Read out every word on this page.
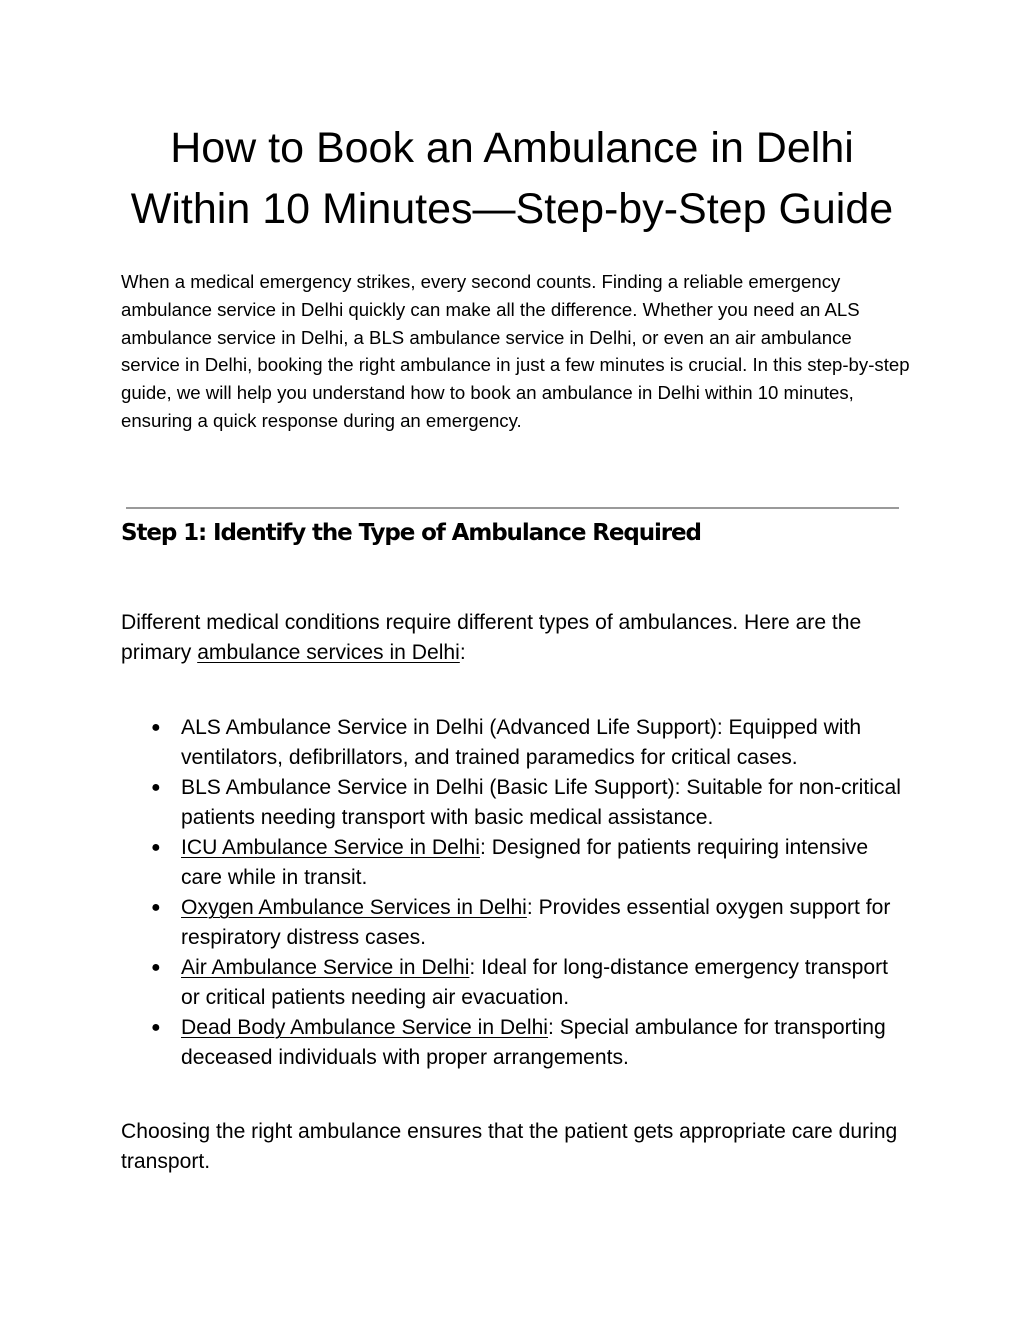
How to Book an Ambulance in Delhi
Within 10 Minutes—Step-by-Step Guide

When a medical emergency strikes, every second counts. Finding a reliable emergency ambulance service in Delhi quickly can make all the difference. Whether you need an ALS ambulance service in Delhi, a BLS ambulance service in Delhi, or even an air ambulance service in Delhi, booking the right ambulance in just a few minutes is crucial. In this step-by-step guide, we will help you understand how to book an ambulance in Delhi within 10 minutes, ensuring a quick response during an emergency.

Step 1: Identify the Type of Ambulance Required

Different medical conditions require different types of ambulances. Here are the primary ambulance services in Delhi:

● ALS Ambulance Service in Delhi (Advanced Life Support): Equipped with ventilators, defibrillators, and trained paramedics for critical cases.
● BLS Ambulance Service in Delhi (Basic Life Support): Suitable for non-critical patients needing transport with basic medical assistance.
● ICU Ambulance Service in Delhi: Designed for patients requiring intensive care while in transit.
● Oxygen Ambulance Services in Delhi: Provides essential oxygen support for respiratory distress cases.
● Air Ambulance Service in Delhi: Ideal for long-distance emergency transport or critical patients needing air evacuation.
● Dead Body Ambulance Service in Delhi: Special ambulance for transporting deceased individuals with proper arrangements.

Choosing the right ambulance ensures that the patient gets appropriate care during transport.
